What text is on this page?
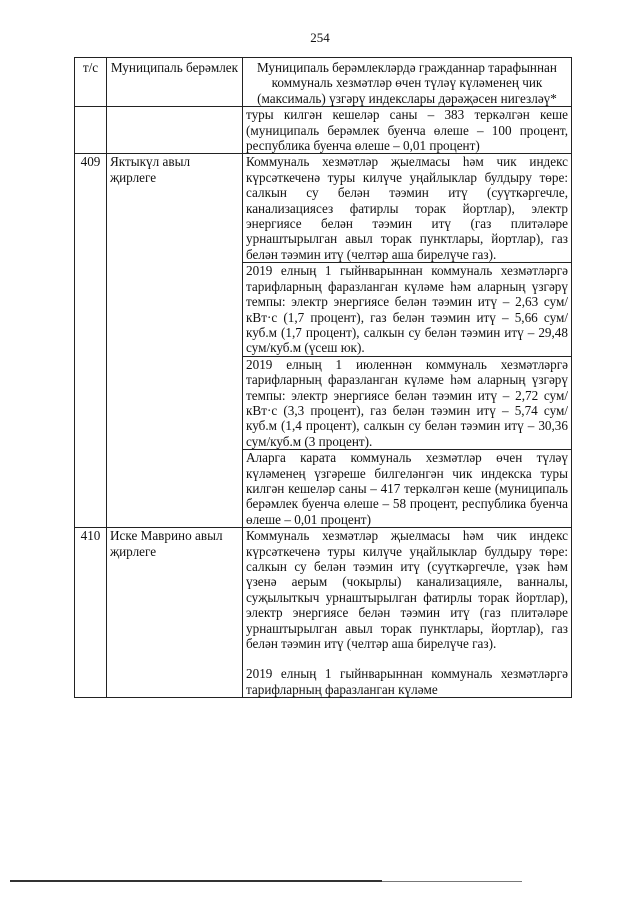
254
т/с	Муниципаль берәмлек	Муниципаль берәмлекләрдә гражданнар тарафыннан коммуналь хезмәтләр өчен түләү күләменең чик (максималь) үзгәрү индекслары дәрәҗәсен нигезләү*

		туры килгән кешеләр саны – 383 теркәлгән кеше (муниципаль берәмлек буенча өлеше – 100 процент, республика буенча өлеше – 0,01 процент)

409	Яктыкүл авыл җирлеге	Коммуналь хезмәтләр җыелмасы һәм чик индекс күрсәткеченә туры килүче уңайлыклар булдыру төре: салкын су белән тәэмин итү (суүткәргечле, канализациясез фатирлы торак йортлар), электр энергиясе белән тәэмин итү (газ плитәләре урнаштырылган авыл торак пунктлары, йортлар), газ белән тәэмин итү (челтәр аша бирелүче газ).
2019 елның 1 гыйнварыннан коммуналь хезмәтләргә тарифларның фаразланган күләме һәм аларның үзгәрү темпы: электр энергиясе белән тәэмин итү – 2,63 сум/кВт·с (1,7 процент), газ белән тәэмин итү – 5,66 сум/куб.м (1,7 процент), салкын су белән тәэмин итү – 29,48 сум/куб.м (үсеш юк).
2019 елның 1 июленнән коммуналь хезмәтләргә тарифларның фаразланган күләме һәм аларның үзгәрү темпы: электр энергиясе белән тәэмин итү – 2,72 сум/кВт·с (3,3 процент), газ белән тәэмин итү – 5,74 сум/куб.м (1,4 процент), салкын су белән тәэмин итү – 30,36 сум/куб.м (3 процент).
Аларга карата коммуналь хезмәтләр өчен түләү күләменең үзгәреше билгеләнгән чик индекска туры килгән кешеләр саны – 417 теркәлгән кеше (муниципаль берәмлек буенча өлеше – 58 процент, республика буенча өлеше – 0,01 процент)

410	Иске Маврино авыл җирлеге	Коммуналь хезмәтләр җыелмасы һәм чик индекс күрсәткеченә туры килүче уңайлыклар булдыру төре: салкын су белән тәэмин итү (суүткәргечле, үзәк һәм үзенә аерым (чокырлы) канализацияле, ванналы, суҗылыткыч урнаштырылган фатирлы торак йортлар), электр энергиясе белән тәэмин итү (газ плитәләре урнаштырылган авыл торак пунктлары, йортлар), газ белән тәэмин итү (челтәр аша бирелүче газ).
2019 елның 1 гыйнварыннан коммуналь хезмәтләргә тарифларның фаразланган күләме
